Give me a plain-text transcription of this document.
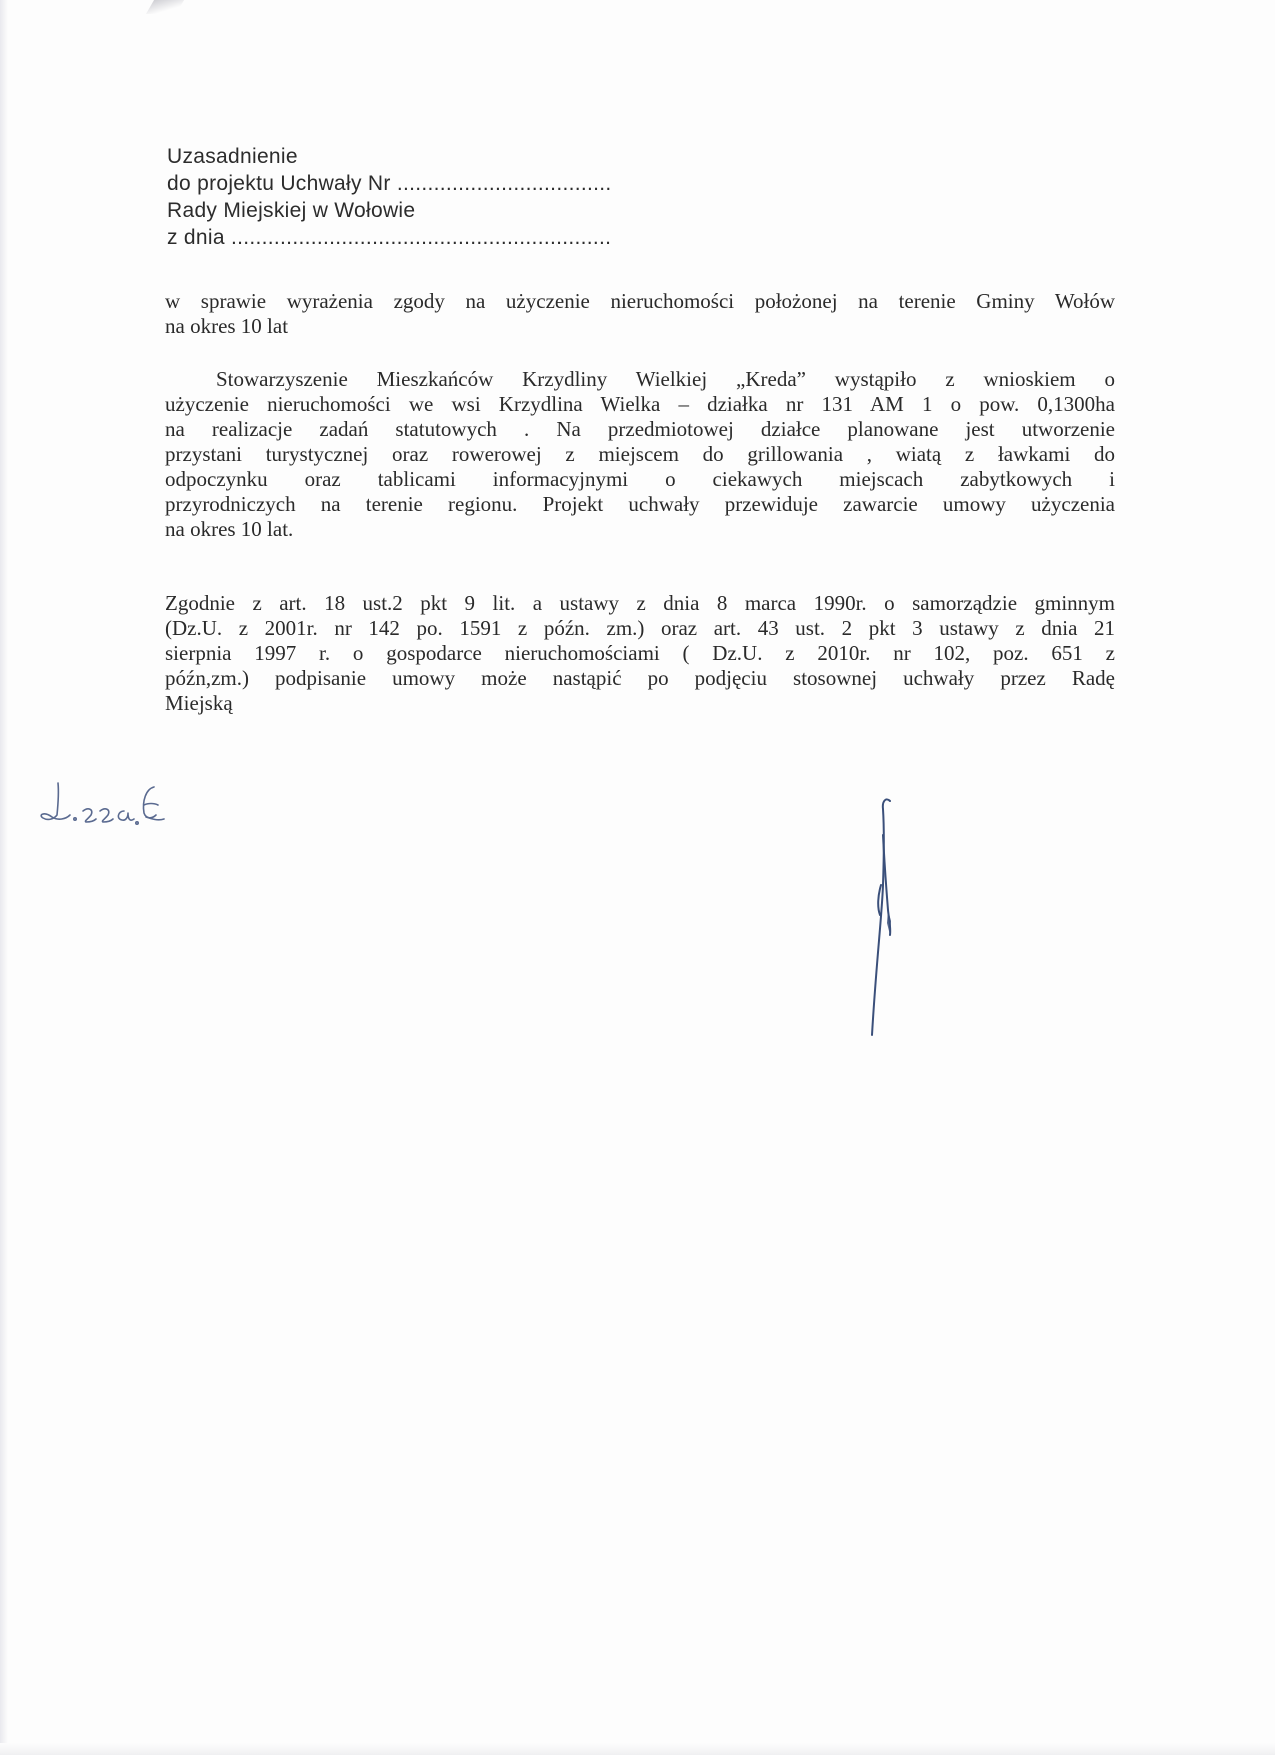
Uzasadnienie
do projektu Uchwały Nr ...................................
Rady Miejskiej w Wołowie
z dnia ..............................................................
w sprawie wyrażenia zgody na użyczenie nieruchomości położonej na terenie Gminy Wołów
na okres 10 lat
Stowarzyszenie Mieszkańców Krzydliny Wielkiej „Kreda” wystąpiło z wnioskiem o
użyczenie nieruchomości we wsi Krzydlina Wielka – działka nr 131 AM 1 o pow. 0,1300ha
na realizacje zadań statutowych . Na przedmiotowej działce planowane jest utworzenie
przystani turystycznej oraz rowerowej z miejscem do grillowania , wiatą z ławkami do
odpoczynku oraz tablicami informacyjnymi o ciekawych miejscach zabytkowych i
przyrodniczych na terenie regionu. Projekt uchwały przewiduje zawarcie umowy użyczenia
na okres 10 lat.
Zgodnie z art. 18 ust.2 pkt 9 lit. a ustawy z dnia 8 marca 1990r. o samorządzie gminnym
(Dz.U. z 2001r. nr 142 po. 1591 z późn. zm.) oraz art. 43 ust. 2 pkt 3 ustawy z dnia 21
sierpnia 1997 r. o gospodarce nieruchomościami ( Dz.U. z 2010r. nr 102, poz. 651 z
późn,zm.) podpisanie umowy może nastąpić po podjęciu stosownej uchwały przez Radę
Miejską
